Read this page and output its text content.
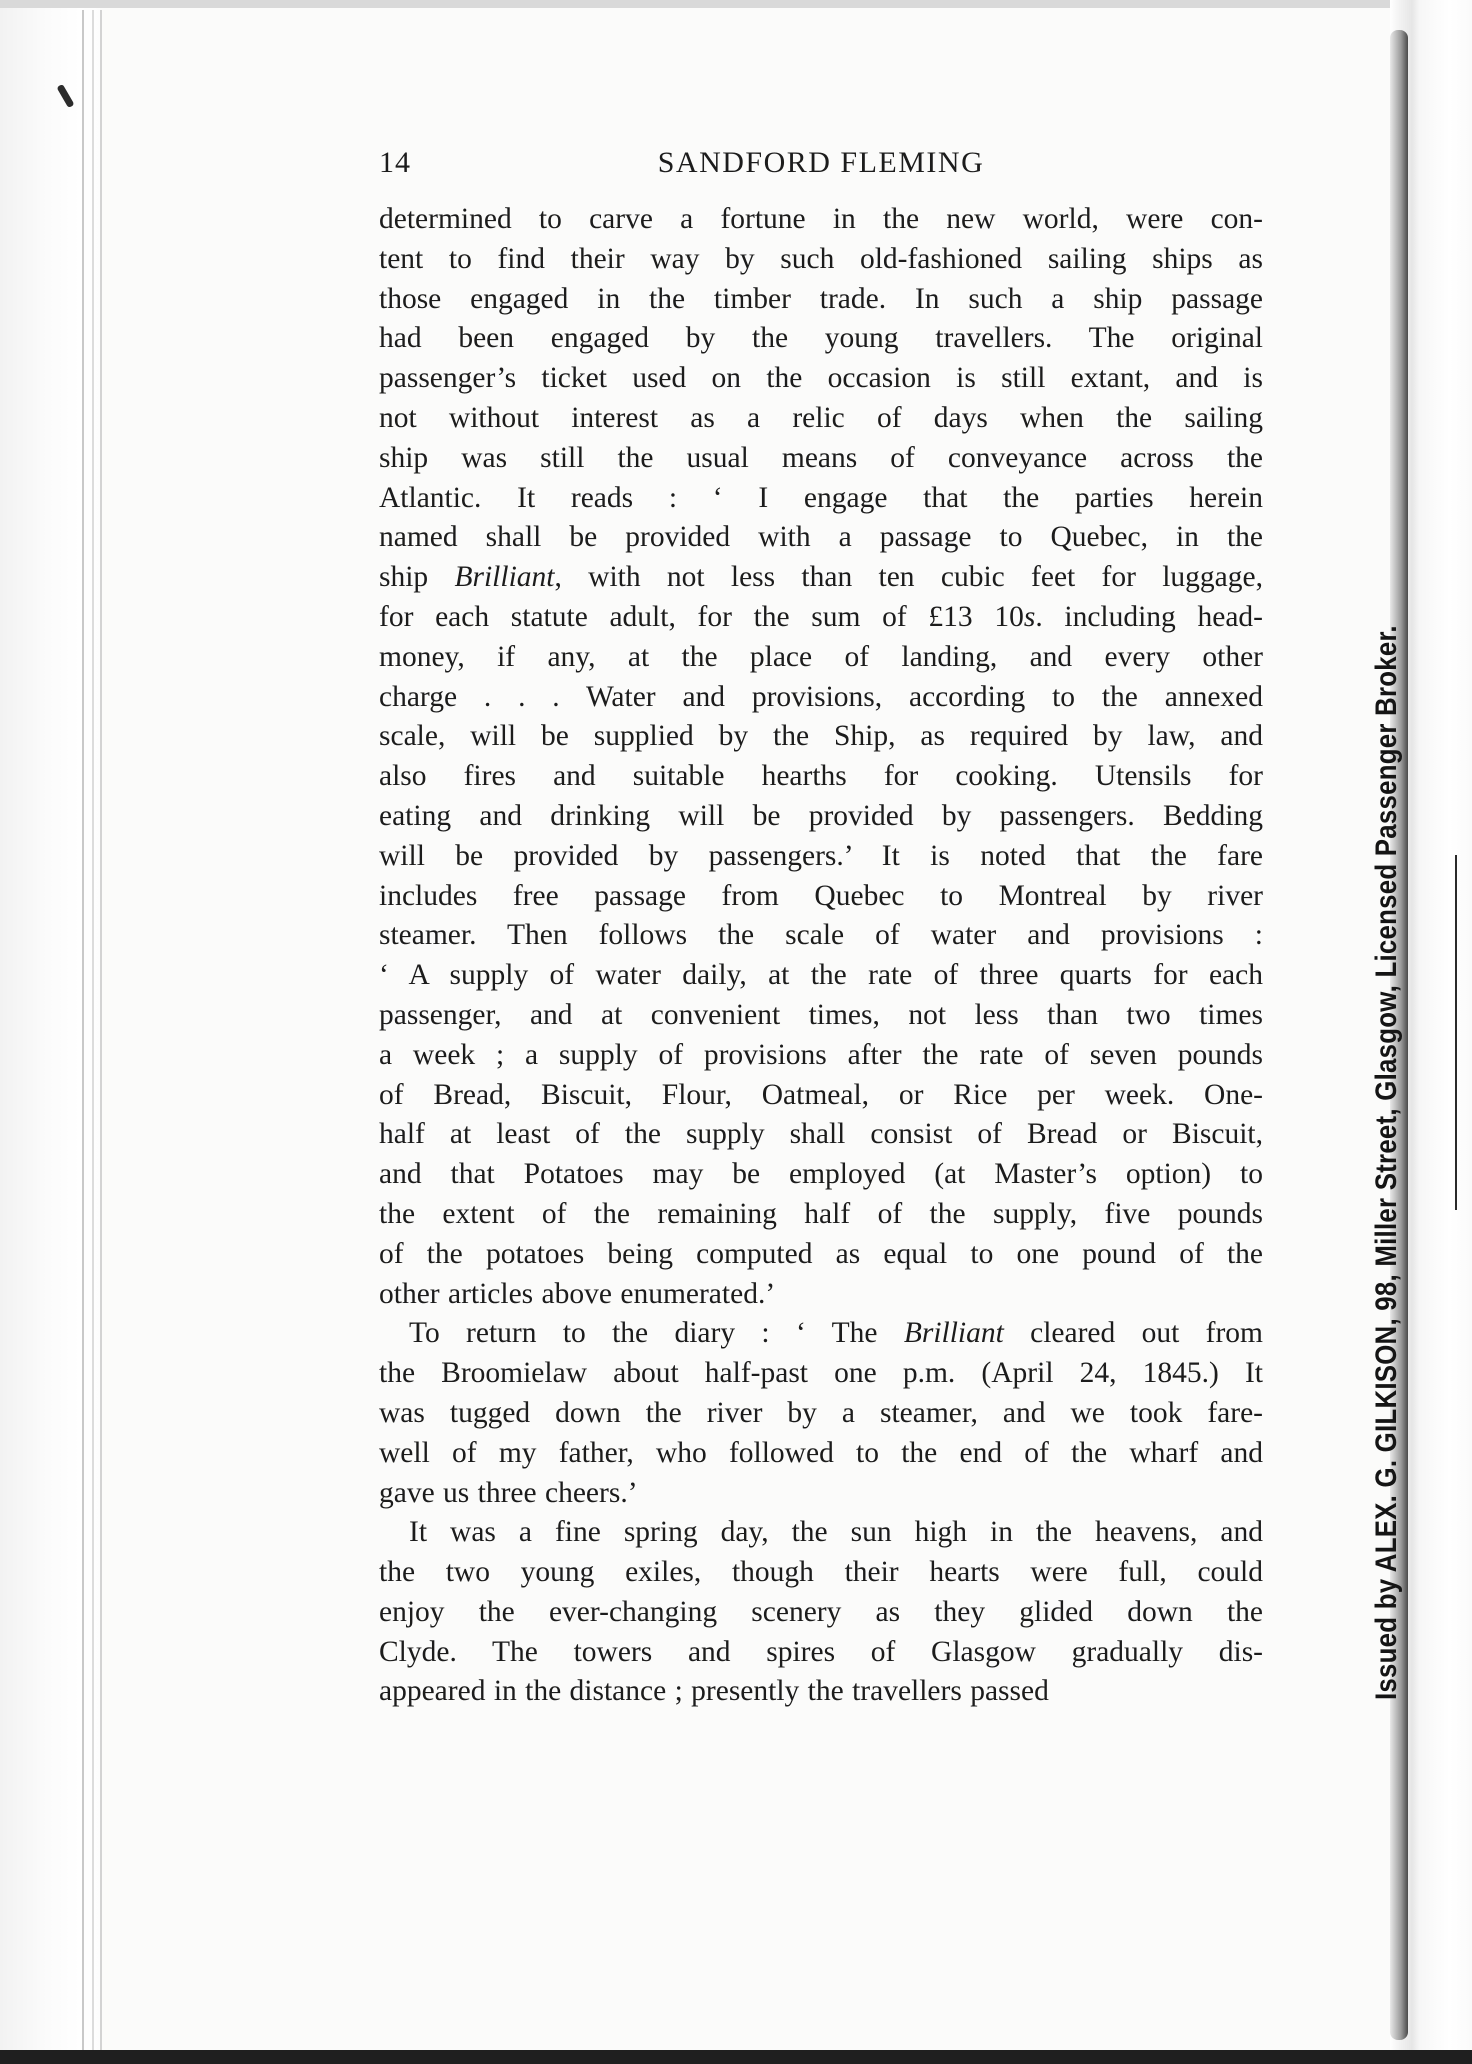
14	SANDFORD FLEMING
determined to carve a fortune in the new world, were con-
tent to find their way by such old-fashioned sailing ships as
those engaged in the timber trade. In such a ship passage
had been engaged by the young travellers. The original
passenger’s ticket used on the occasion is still extant, and is
not without interest as a relic of days when the sailing
ship was still the usual means of conveyance across the
Atlantic. It reads : ‘ I engage that the parties herein
named shall be provided with a passage to Quebec, in the
ship Brilliant, with not less than ten cubic feet for luggage,
for each statute adult, for the sum of £13 10s. including head-
money, if any, at the place of landing, and every other
charge . . . Water and provisions, according to the annexed
scale, will be supplied by the Ship, as required by law, and
also fires and suitable hearths for cooking. Utensils for
eating and drinking will be provided by passengers. Bedding
will be provided by passengers.’ It is noted that the fare
includes free passage from Quebec to Montreal by river
steamer. Then follows the scale of water and provisions :
‘ A supply of water daily, at the rate of three quarts for each
passenger, and at convenient times, not less than two times
a week ; a supply of provisions after the rate of seven pounds
of Bread, Biscuit, Flour, Oatmeal, or Rice per week. One-
half at least of the supply shall consist of Bread or Biscuit,
and that Potatoes may be employed (at Master’s option) to
the extent of the remaining half of the supply, five pounds
of the potatoes being computed as equal to one pound of the
other articles above enumerated.’
To return to the diary : ‘ The Brilliant cleared out from
the Broomielaw about half-past one p.m. (April 24, 1845.) It
was tugged down the river by a steamer, and we took fare-
well of my father, who followed to the end of the wharf and
gave us three cheers.’
It was a fine spring day, the sun high in the heavens, and
the two young exiles, though their hearts were full, could
enjoy the ever-changing scenery as they glided down the
Clyde. The towers and spires of Glasgow gradually dis-
appeared in the distance ; presently the travellers passed	Issued by ALEX. G. GILKISON, 98, Miller Street, Glasgow, Licensed Passenger Broker.
